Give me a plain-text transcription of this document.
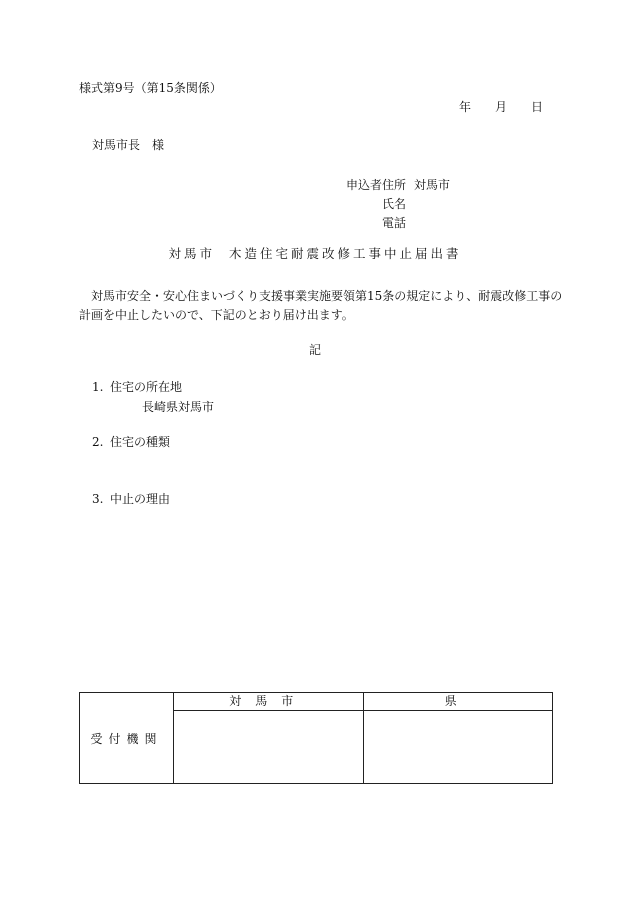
様式第9号（第15条関係）
年 月 日
対馬市長　様
申込者住所 対馬市
氏名
電話
対馬市 木造住宅耐震改修工事中止届出書
対馬市安全・安心住まいづくり支援事業実施要領第15条の規定により、耐震改修工事の
計画を中止したいので、下記のとおり届け出ます。
記
1. 住宅の所在地
長崎県対馬市
2. 住宅の種類
3. 中止の理由
受付機関	対馬市	県
